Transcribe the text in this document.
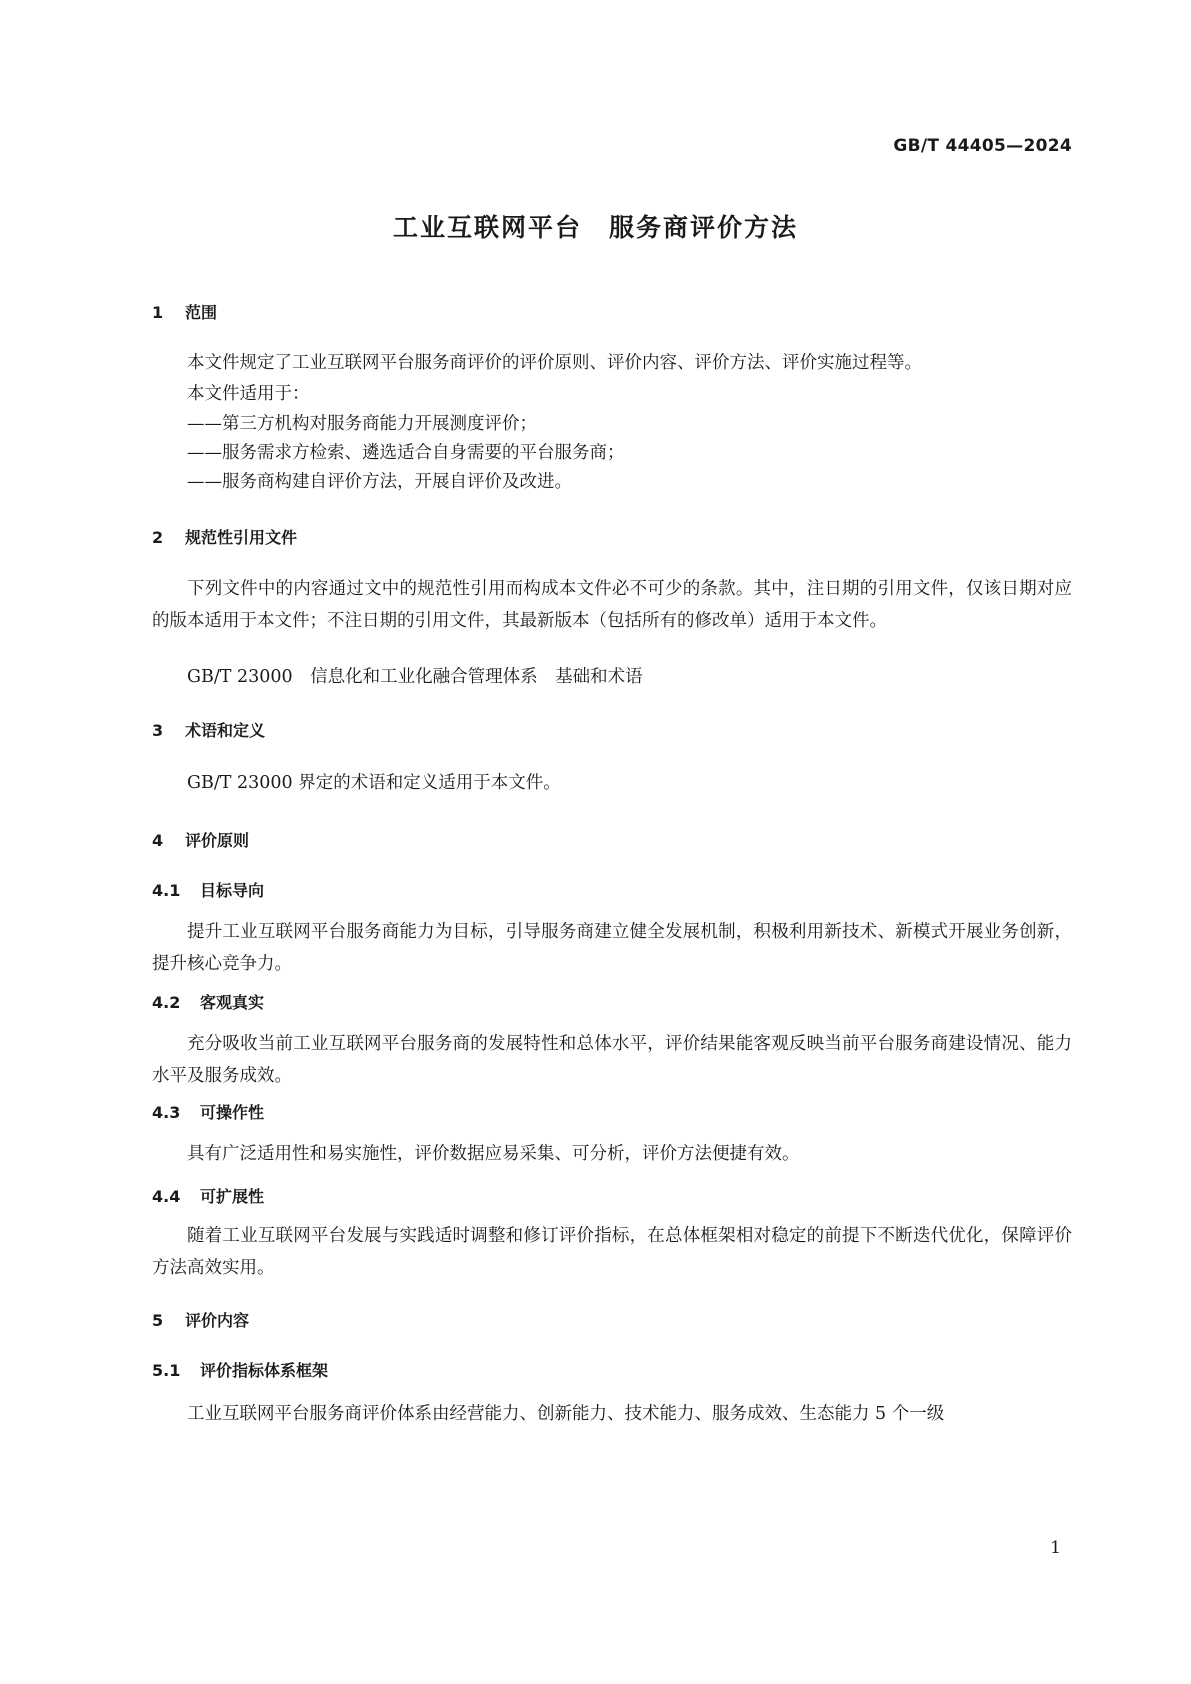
GB/T 44405—2024
工业互联网平台　服务商评价方法
1 范围
本文件规定了工业互联网平台服务商评价的评价原则、评价内容、评价方法、评价实施过程等。
本文件适用于：
——第三方机构对服务商能力开展测度评价；
——服务需求方检索、遴选适合自身需要的平台服务商；
——服务商构建自评价方法，开展自评价及改进。
2 规范性引用文件
下列文件中的内容通过文中的规范性引用而构成本文件必不可少的条款。其中，注日期的引用文件，仅该日期对应的版本适用于本文件；不注日期的引用文件，其最新版本（包括所有的修改单）适用于本文件。
GB/T 23000　信息化和工业化融合管理体系　基础和术语
3 术语和定义
GB/T 23000 界定的术语和定义适用于本文件。
4 评价原则
4.1 目标导向
提升工业互联网平台服务商能力为目标，引导服务商建立健全发展机制，积极利用新技术、新模式开展业务创新，提升核心竞争力。
4.2 客观真实
充分吸收当前工业互联网平台服务商的发展特性和总体水平，评价结果能客观反映当前平台服务商建设情况、能力水平及服务成效。
4.3 可操作性
具有广泛适用性和易实施性，评价数据应易采集、可分析，评价方法便捷有效。
4.4 可扩展性
随着工业互联网平台发展与实践适时调整和修订评价指标，在总体框架相对稳定的前提下不断迭代优化，保障评价方法高效实用。
5 评价内容
5.1 评价指标体系框架
工业互联网平台服务商评价体系由经营能力、创新能力、技术能力、服务成效、生态能力 5 个一级
1
